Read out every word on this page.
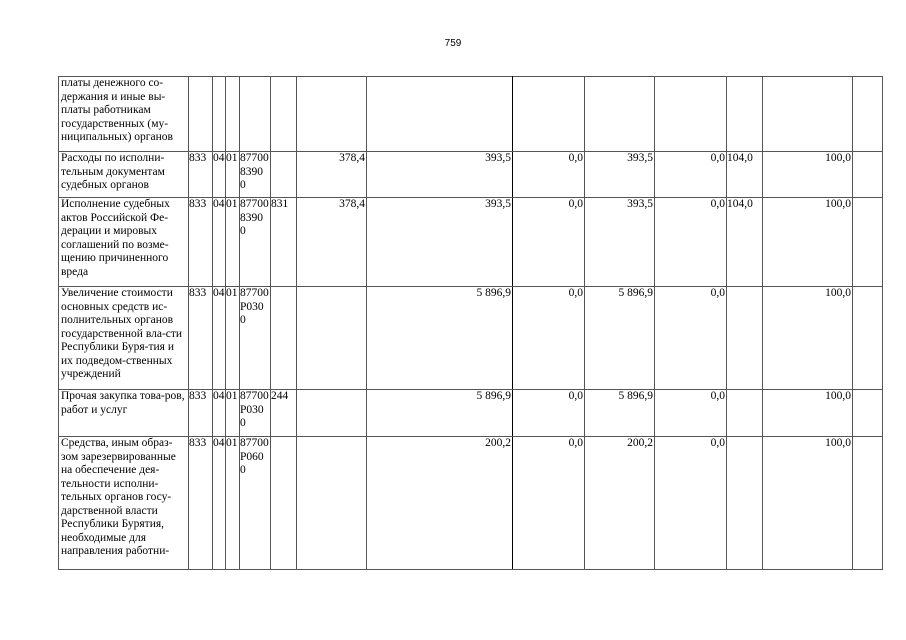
759
платы денежного со-держания и иные вы-платы работникам государственных (му-ниципальных) органов													
Расходы по исполни-тельным документам судебных органов	833	04	01	877008390 0		378,4	393,5	0,0	393,5	0,0	104,0	100,0	
Исполнение судебных актов Российской Фе-дерации и мировых соглашений по возме-щению причиненного вреда	833	04	01	877008390 0	831	378,4	393,5	0,0	393,5	0,0	104,0	100,0	
Увеличение стоимости основных средств ис-полнительных органов государственной вла-сти Республики Буря-тия и их подведом-ственных учреждений	833	04	01	87700P030 0			5 896,9	0,0	5 896,9	0,0		100,0	
Прочая закупка това-ров, работ и услуг	833	04	01	87700P030 0	244		5 896,9	0,0	5 896,9	0,0		100,0	
Средства, иным образ-зом зарезервированные на обеспечение дея-тельности исполни-тельных органов госу-дарственной власти Республики Бурятия, необходимые для направления работни-	833	04	01	87700P060 0			200,2	0,0	200,2	0,0		100,0	
